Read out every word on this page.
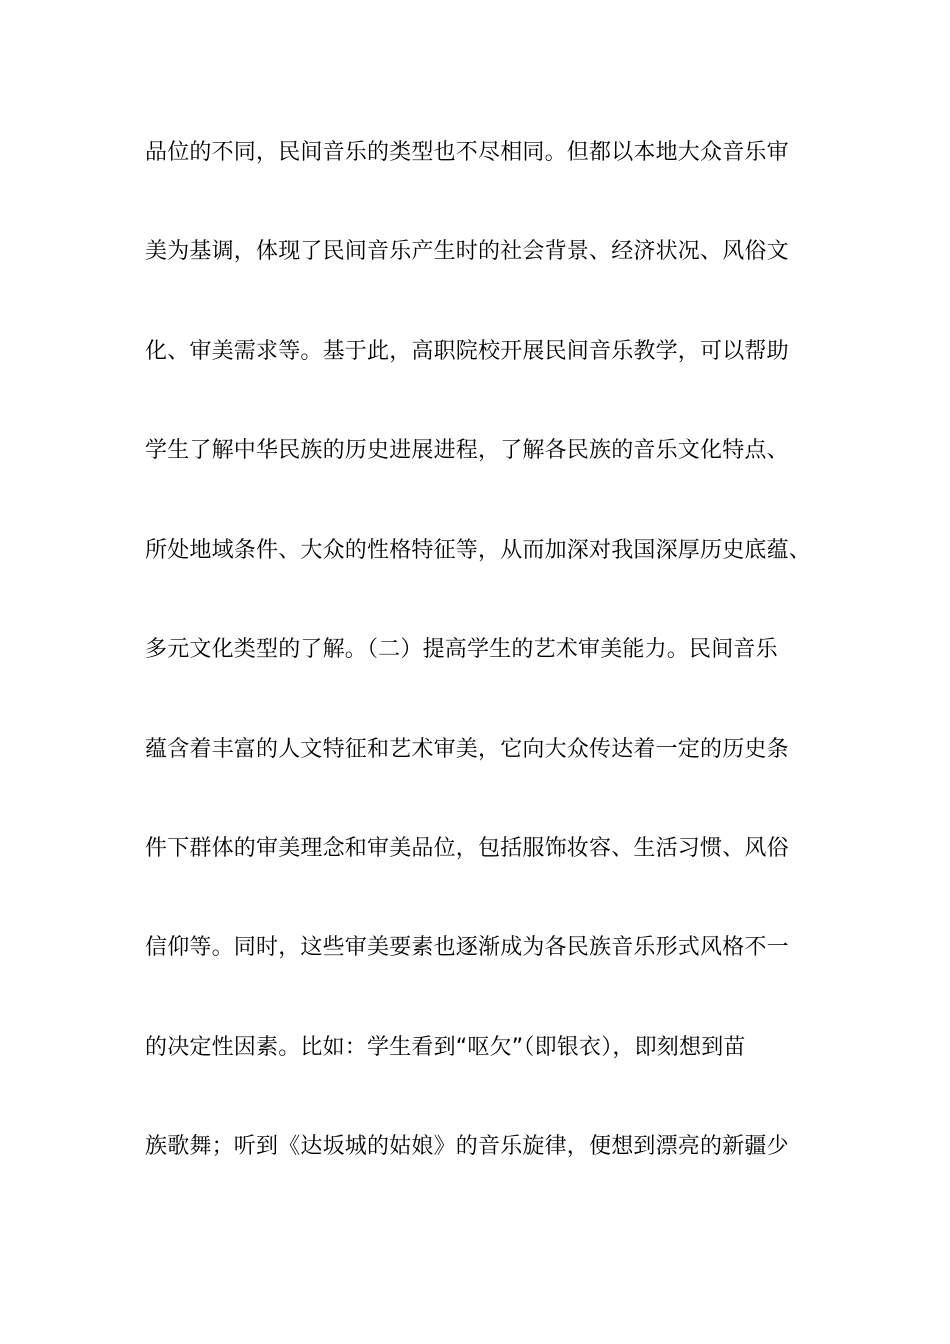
品位的不同，民间音乐的类型也不尽相同。但都以本地大众音乐审
美为基调，体现了民间音乐产生时的社会背景、经济状况、风俗文
化、审美需求等。基于此，高职院校开展民间音乐教学，可以帮助
学生了解中华民族的历史进展进程，了解各民族的音乐文化特点、
所处地域条件、大众的性格特征等，从而加深对我国深厚历史底蕴、
多元文化类型的了解。（二）提高学生的艺术审美能力。民间音乐
蕴含着丰富的人文特征和艺术审美，它向大众传达着一定的历史条
件下群体的审美理念和审美品位，包括服饰妆容、生活习惯、风俗
信仰等。同时，这些审美要素也逐渐成为各民族音乐形式风格不一
的决定性因素。比如：学生看到“呕欠”（即银衣），即刻想到苗
族歌舞；听到《达坂城的姑娘》的音乐旋律，便想到漂亮的新疆少
